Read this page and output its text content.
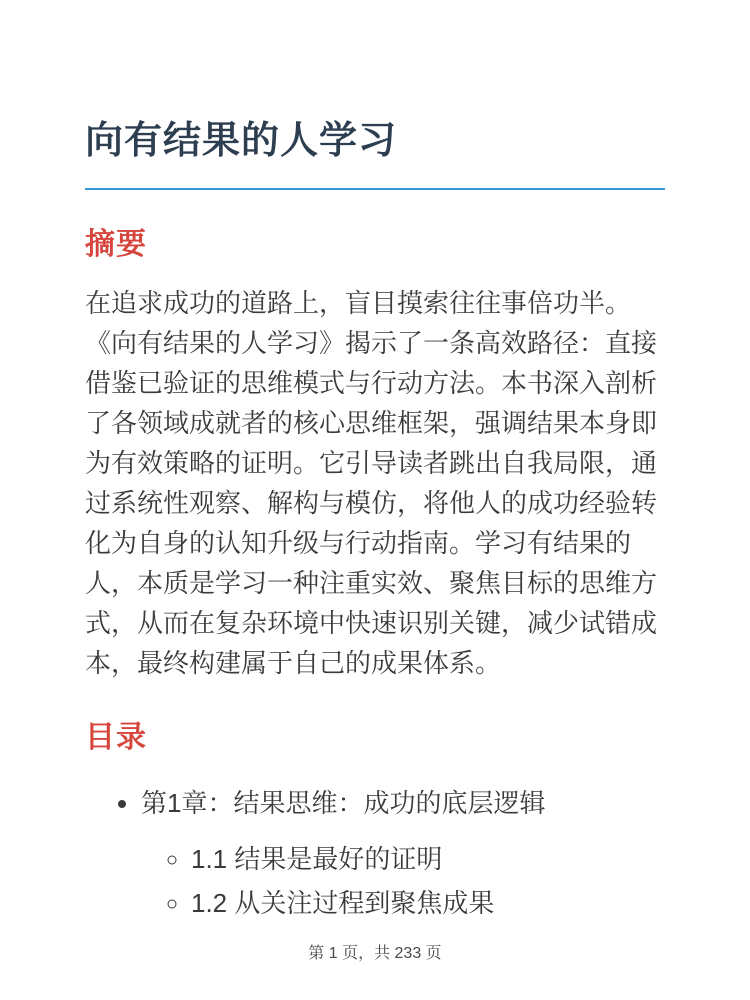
向有结果的人学习
摘要

在追求成功的道路上，盲目摸索往往事倍功半。《向有结果的人学习》揭示了一条高效路径：直接借鉴已验证的思维模式与行动方法。本书深入剖析了各领域成就者的核心思维框架，强调结果本身即为有效策略的证明。它引导读者跳出自我局限，通过系统性观察、解构与模仿，将他人的成功经验转化为自身的认知升级与行动指南。学习有结果的人，本质是学习一种注重实效、聚焦目标的思维方式，从而在复杂环境中快速识别关键，减少试错成本，最终构建属于自己的成果体系。

目录
• 第1章：结果思维：成功的底层逻辑
◦ 1.1 结果是最好的证明
◦ 1.2 从关注过程到聚焦成果
第 1 页，共 233 页
